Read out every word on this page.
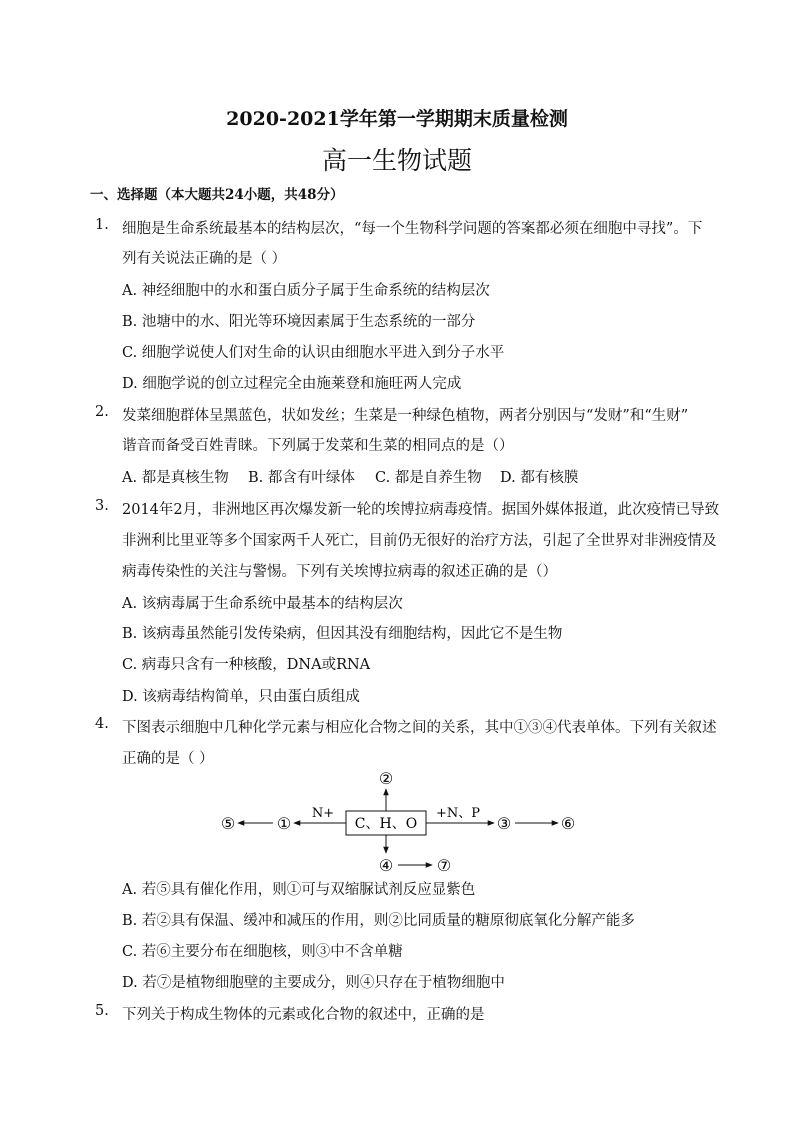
2020-2021学年第一学期期末质量检测
高一生物试题
一、选择题（本大题共24小题，共48分）
1. 细胞是生命系统最基本的结构层次，“每一个生物科学问题的答案都必须在细胞中寻找”。下
列有关说法正确的是（ ）
A. 神经细胞中的水和蛋白质分子属于生命系统的结构层次
B. 池塘中的水、阳光等环境因素属于生态系统的一部分
C. 细胞学说使人们对生命的认识由细胞水平进入到分子水平
D. 细胞学说的创立过程完全由施莱登和施旺两人完成
2. 发菜细胞群体呈黑蓝色，状如发丝；生菜是一种绿色植物，两者分别因与“发财”和“生财”
谐音而备受百姓青睐。下列属于发菜和生菜的相同点的是（）
A. 都是真核生物 B. 都含有叶绿体 C. 都是自养生物 D. 都有核膜
3. 2014年2月，非洲地区再次爆发新一轮的埃博拉病毒疫情。据国外媒体报道，此次疫情已导致
非洲利比里亚等多个国家两千人死亡，目前仍无很好的治疗方法，引起了全世界对非洲疫情及
病毒传染性的关注与警惕。下列有关埃博拉病毒的叙述正确的是（）
A. 该病毒属于生命系统中最基本的结构层次
B. 该病毒虽然能引发传染病，但因其没有细胞结构，因此它不是生物
C. 病毒只含有一种核酸，DNA或RNA
D. 该病毒结构简单，只由蛋白质组成
4. 下图表示细胞中几种化学元素与相应化合物之间的关系，其中①③④代表单体。下列有关叙述
正确的是（ ）
C、H、O
②
N+
①
⑤
+N、P
③	⑥
④	⑦
A. 若⑤具有催化作用，则①可与双缩脲试剂反应显紫色
B. 若②具有保温、缓冲和减压的作用，则②比同质量的糖原彻底氧化分解产能多
C. 若⑥主要分布在细胞核，则③中不含单糖
D. 若⑦是植物细胞壁的主要成分，则④只存在于植物细胞中
5. 下列关于构成生物体的元素或化合物的叙述中，正确的是
